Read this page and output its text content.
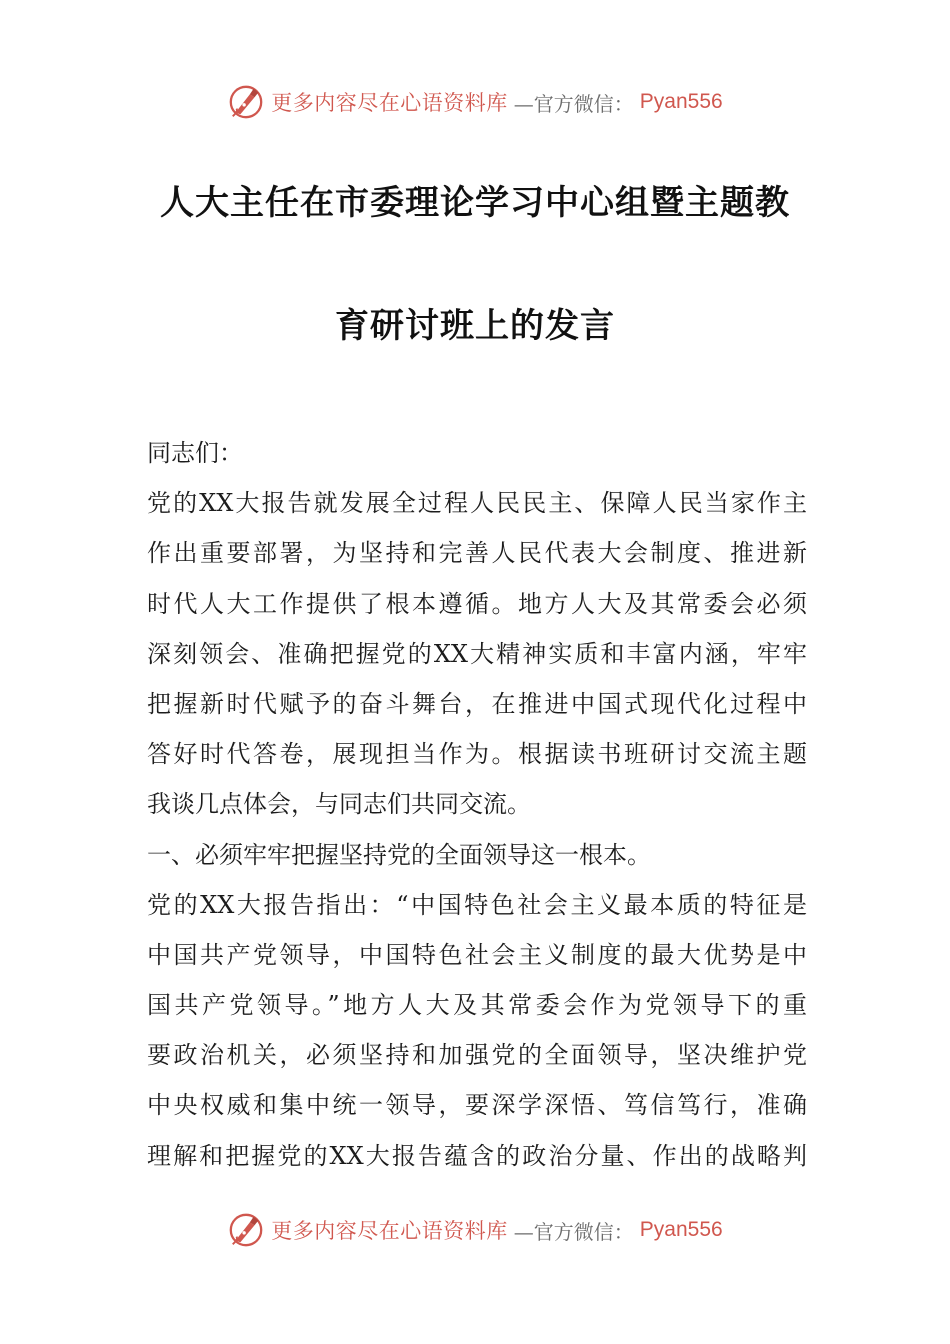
更多内容尽在心语资料库 —官方微信： Pyan556
人大主任在市委理论学习中心组暨主题教
育研讨班上的发言
同志们：
党的XX大报告就发展全过程人民民主、保障人民当家作主
作出重要部署，为坚持和完善人民代表大会制度、推进新
时代人大工作提供了根本遵循。地方人大及其常委会必须
深刻领会、准确把握党的XX大精神实质和丰富内涵，牢牢
把握新时代赋予的奋斗舞台，在推进中国式现代化过程中
答好时代答卷，展现担当作为。根据读书班研讨交流主题
我谈几点体会，与同志们共同交流。
一、必须牢牢把握坚持党的全面领导这一根本。
党的XX大报告指出：“中国特色社会主义最本质的特征是
中国共产党领导，中国特色社会主义制度的最大优势是中
国共产党领导。”地方人大及其常委会作为党领导下的重
要政治机关，必须坚持和加强党的全面领导，坚决维护党
中央权威和集中统一领导，要深学深悟、笃信笃行，准确
理解和把握党的XX大报告蕴含的政治分量、作出的战略判
更多内容尽在心语资料库 —官方微信： Pyan556
